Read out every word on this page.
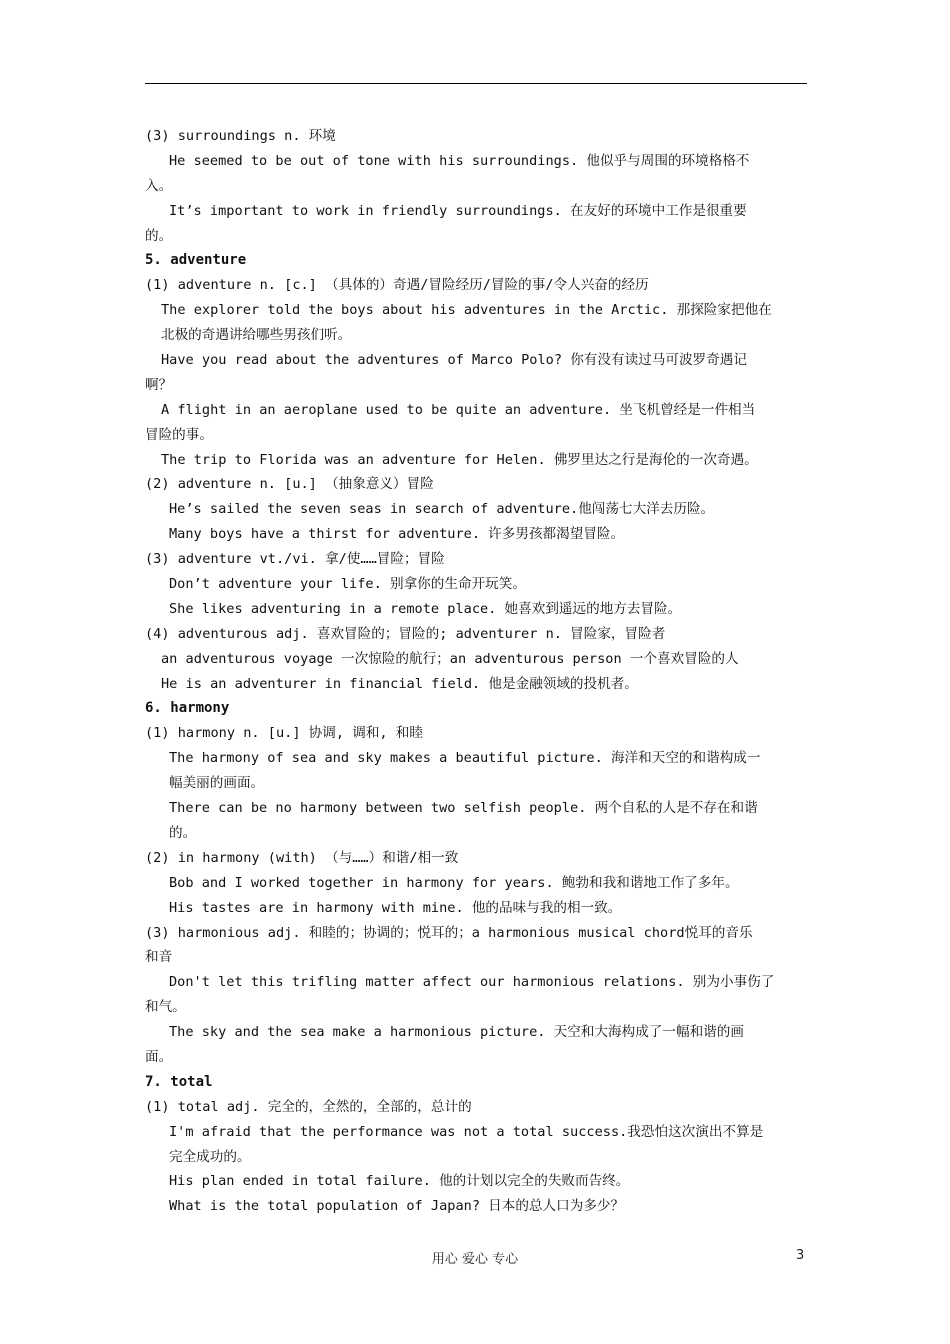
(3) surroundings n. 环境
He seemed to be out of tone with his surroundings. 他似乎与周围的环境格格不
入。
It’s important to work in friendly surroundings. 在友好的环境中工作是很重要
的。
5. adventure
(1) adventure n. [c.] （具体的）奇遇/冒险经历/冒险的事/令人兴奋的经历
The explorer told the boys about his adventures in the Arctic. 那探险家把他在
北极的奇遇讲给哪些男孩们听。
Have you read about the adventures of Marco Polo? 你有没有读过马可波罗奇遇记
啊？
A flight in an aeroplane used to be quite an adventure. 坐飞机曾经是一件相当
冒险的事。
The trip to Florida was an adventure for Helen. 佛罗里达之行是海伦的一次奇遇。
(2) adventure n. [u.] （抽象意义）冒险
He’s sailed the seven seas in search of adventure.他闯荡七大洋去历险。
Many boys have a thirst for adventure. 许多男孩都渴望冒险。
(3) adventure vt./vi. 拿/使……冒险；冒险
Don’t adventure your life. 别拿你的生命开玩笑。
She likes adventuring in a remote place. 她喜欢到遥远的地方去冒险。
(4) adventurous adj. 喜欢冒险的；冒险的; adventurer n. 冒险家，冒险者
an adventurous voyage 一次惊险的航行；an adventurous person 一个喜欢冒险的人
He is an adventurer in financial field. 他是金融领域的投机者。
6. harmony
(1) harmony n. [u.] 协调, 调和, 和睦
The harmony of sea and sky makes a beautiful picture. 海洋和天空的和谐构成一
幅美丽的画面。
There can be no harmony between two selfish people. 两个自私的人是不存在和谐
的。
(2) in harmony (with) （与……）和谐/相一致
Bob and I worked together in harmony for years. 鲍勃和我和谐地工作了多年。
His tastes are in harmony with mine. 他的品味与我的相一致。
(3) harmonious adj. 和睦的；协调的；悦耳的；a harmonious musical chord悦耳的音乐
和音
Don't let this trifling matter affect our harmonious relations. 别为小事伤了
和气。
The sky and the sea make a harmonious picture. 天空和大海构成了一幅和谐的画
面。
7. total
(1) total adj. 完全的，全然的，全部的，总计的
I'm afraid that the performance was not a total success.我恐怕这次演出不算是
完全成功的。
His plan ended in total failure. 他的计划以完全的失败而告终。
What is the total population of Japan? 日本的总人口为多少？
用心 爱心 专心	3
